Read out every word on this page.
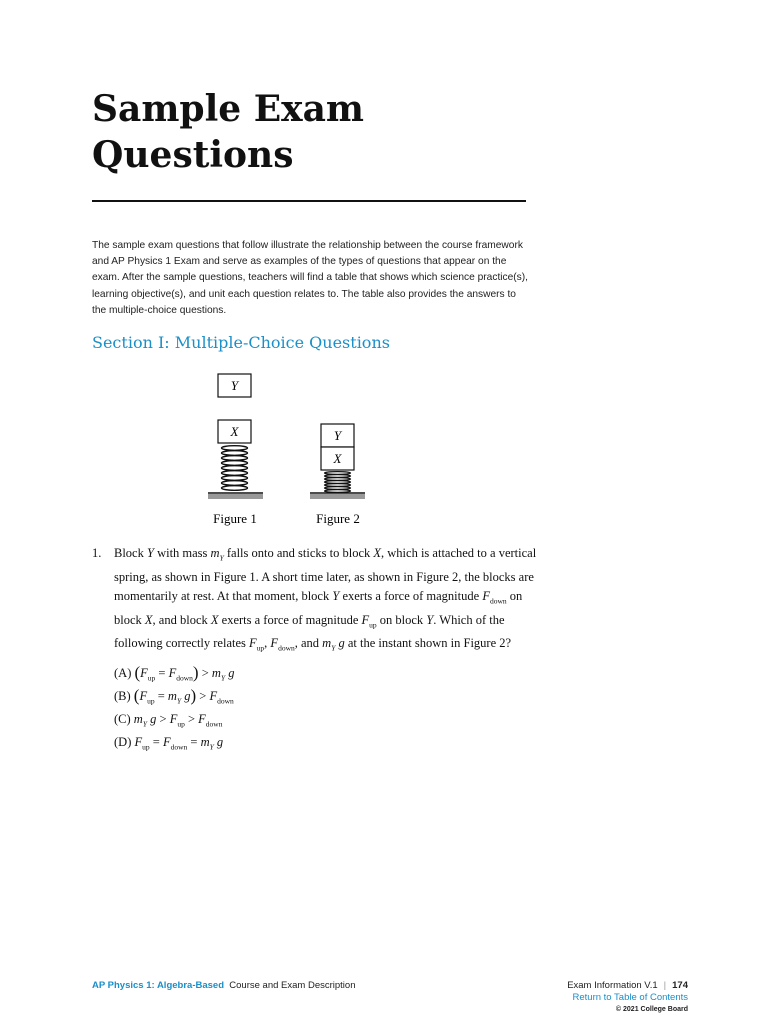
Sample Exam
Questions
The sample exam questions that follow illustrate the relationship between the course framework and AP Physics 1 Exam and serve as examples of the types of questions that appear on the exam. After the sample questions, teachers will find a table that shows which science practice(s), learning objective(s), and unit each question relates to. The table also provides the answers to the multiple-choice questions.
Section I: Multiple-Choice Questions
Y
X
Figure 1
Y
X
Figure 2
1. Block Y with mass $m_Y$ falls onto and sticks to block X, which is attached to a vertical spring, as shown in Figure 1. A short time later, as shown in Figure 2, the blocks are momentarily at rest. At that moment, block Y exerts a force of magnitude $F_{down}$ on block X, and block X exerts a force of magnitude $F_{up}$ on block Y. Which of the following correctly relates $F_{up}$, $F_{down}$, and $m_Y$ g at the instant shown in Figure 2?
(A) $(F_{up} = F_{down}) > m_Y$ g
(B) ($F_{up} = m_Y$ $g) > F_{down}$
(C) $m_Y$ $g > F_{up} > F_{down}$
(D) $F_{up} = F_{down} = m_Y$ g
AP Physics 1: Algebra-Based Course and Exam Description	Exam Information V.1 | 174
Return to Table of Contents
© 2021 College Board
